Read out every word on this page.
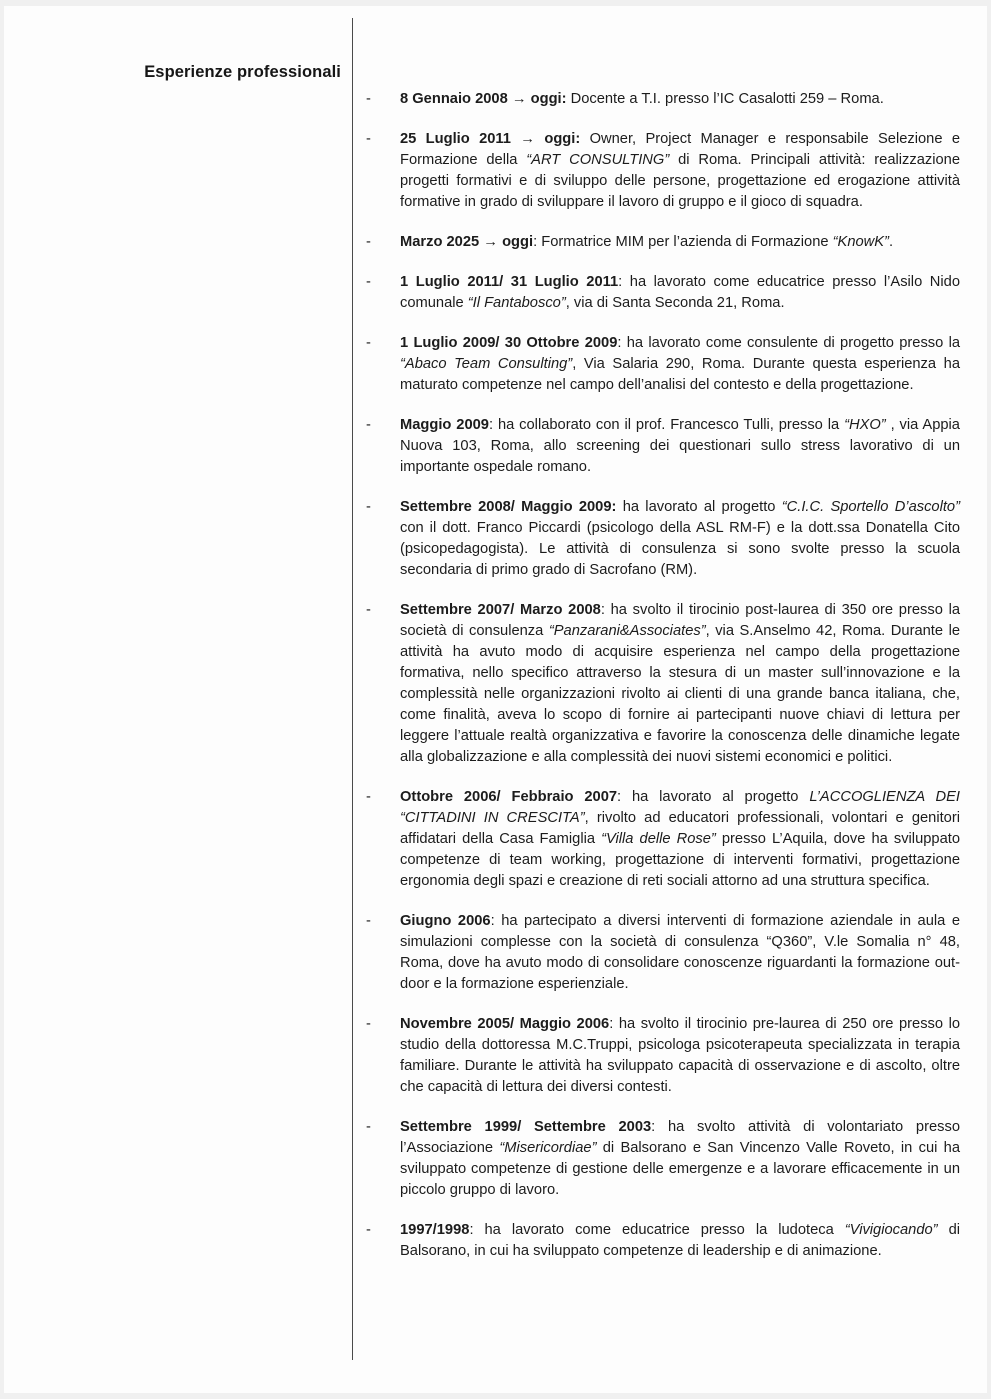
Esperienze professionali
-	8 Gennaio 2008 → oggi: Docente a T.I. presso l’IC Casalotti 259 – Roma.

-	25 Luglio 2011 → oggi: Owner, Project Manager e responsabile Selezione e Formazione della “ART CONSULTING” di Roma. Principali attività: realizzazione progetti formativi e di sviluppo delle persone, progettazione ed erogazione attività formative in grado di sviluppare il lavoro di gruppo e il gioco di squadra.

-	Marzo 2025 → oggi: Formatrice MIM per l’azienda di Formazione “KnowK”.

-	1 Luglio 2011/ 31 Luglio 2011: ha lavorato come educatrice presso l’Asilo Nido comunale “Il Fantabosco”, via di Santa Seconda 21, Roma.

-	1 Luglio 2009/ 30 Ottobre 2009: ha lavorato come consulente di progetto presso la “Abaco Team Consulting”, Via Salaria 290, Roma. Durante questa esperienza ha maturato competenze nel campo dell’analisi del contesto e della progettazione.

-	Maggio 2009: ha collaborato con il prof. Francesco Tulli, presso la “HXO” , via Appia Nuova 103, Roma, allo screening dei questionari sullo stress lavorativo di un importante ospedale romano.

-	Settembre 2008/ Maggio 2009: ha lavorato al progetto “C.I.C. Sportello D’ascolto” con il dott. Franco Piccardi (psicologo della ASL RM-F) e la dott.ssa Donatella Cito (psicopedagogista). Le attività di consulenza si sono svolte presso la scuola secondaria di primo grado di Sacrofano (RM).

-	Settembre 2007/ Marzo 2008: ha svolto il tirocinio post-laurea di 350 ore presso la società di consulenza “Panzarani&Associates”, via S.Anselmo 42, Roma. Durante le attività ha avuto modo di acquisire esperienza nel campo della progettazione formativa, nello specifico attraverso la stesura di un master sull’innovazione e la complessità nelle organizzazioni rivolto ai clienti di una grande banca italiana, che, come finalità, aveva lo scopo di fornire ai partecipanti nuove chiavi di lettura per leggere l’attuale realtà organizzativa e favorire la conoscenza delle dinamiche legate alla globalizzazione e alla complessità dei nuovi sistemi economici e politici.

-	Ottobre 2006/ Febbraio 2007: ha lavorato al progetto L’ACCOGLIENZA DEI “CITTADINI IN CRESCITA”, rivolto ad educatori professionali, volontari e genitori affidatari della Casa Famiglia “Villa delle Rose” presso L’Aquila, dove ha sviluppato competenze di team working, progettazione di interventi formativi, progettazione ergonomia degli spazi e creazione di reti sociali attorno ad una struttura specifica.

-	Giugno 2006: ha partecipato a diversi interventi di formazione aziendale in aula e simulazioni complesse con la società di consulenza “Q360”, V.le Somalia n° 48, Roma, dove ha avuto modo di consolidare conoscenze riguardanti la formazione out-door e la formazione esperienziale.

-	Novembre 2005/ Maggio 2006: ha svolto il tirocinio pre-laurea di 250 ore presso lo studio della dottoressa M.C.Truppi, psicologa psicoterapeuta specializzata in terapia familiare. Durante le attività ha sviluppato capacità di osservazione e di ascolto, oltre che capacità di lettura dei diversi contesti.

-	Settembre 1999/ Settembre 2003: ha svolto attività di volontariato presso l’Associazione “Misericordiae” di Balsorano e San Vincenzo Valle Roveto, in cui ha sviluppato competenze di gestione delle emergenze e a lavorare efficacemente in un piccolo gruppo di lavoro.

-	1997/1998: ha lavorato come educatrice presso la ludoteca “Vivigiocando” di Balsorano, in cui ha sviluppato competenze di leadership e di animazione.
